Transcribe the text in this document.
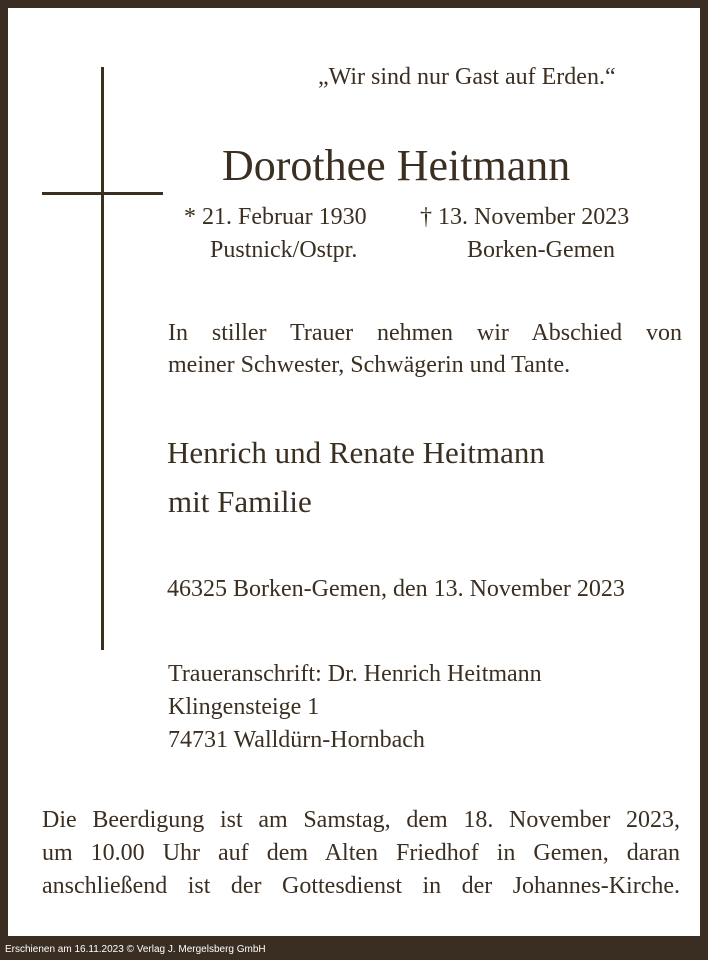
„Wir sind nur Gast auf Erden.“
Dorothee Heitmann
* 21. Februar 1930 † 13. November 2023
Pustnick/Ostpr.	Borken-Gemen
In stiller Trauer nehmen wir Abschied von
meiner Schwester, Schwägerin und Tante.
Henrich und Renate Heitmann
mit Familie
46325 Borken-Gemen, den 13. November 2023
Traueranschrift: Dr. Henrich Heitmann
Klingensteige 1
74731 Walldürn-Hornbach
Die Beerdigung ist am Samstag, dem 18. November 2023,
um 10.00 Uhr auf dem Alten Friedhof in Gemen, daran
anschließend ist der Gottesdienst in der Johannes-Kirche.
Erschienen am 16.11.2023 © Verlag J. Mergelsberg GmbH
